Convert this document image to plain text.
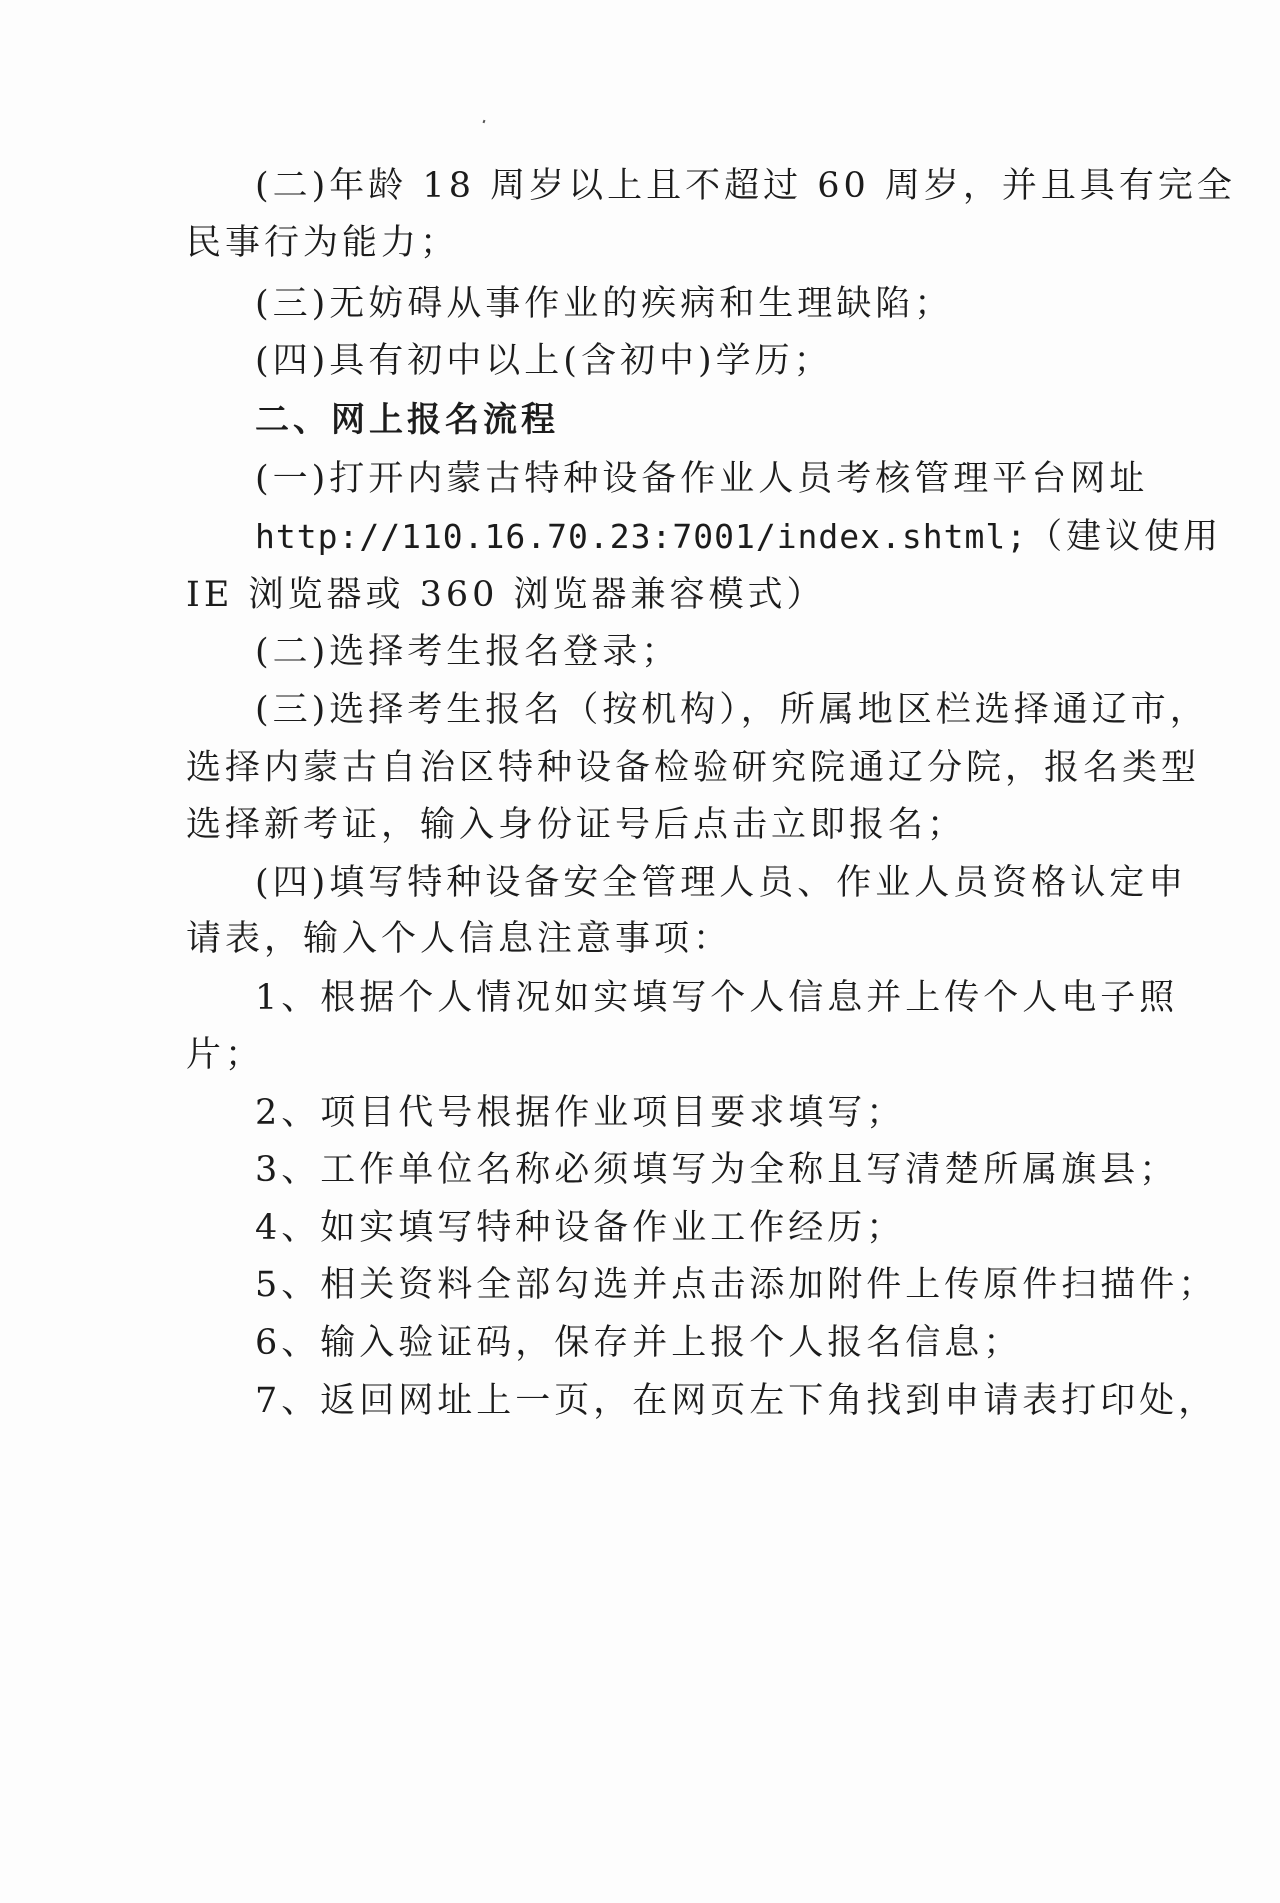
(二)年龄 18 周岁以上且不超过 60 周岁，并且具有完全
民事行为能力；
(三)无妨碍从事作业的疾病和生理缺陷；
(四)具有初中以上(含初中)学历；
二、网上报名流程
(一)打开内蒙古特种设备作业人员考核管理平台网址
http://110.16.70.23:7001/index.shtml;（建议使用
IE 浏览器或 360 浏览器兼容模式）
(二)选择考生报名登录；
(三)选择考生报名（按机构），所属地区栏选择通辽市，
选择内蒙古自治区特种设备检验研究院通辽分院，报名类型
选择新考证，输入身份证号后点击立即报名；
(四)填写特种设备安全管理人员、作业人员资格认定申
请表，输入个人信息注意事项：
1、根据个人情况如实填写个人信息并上传个人电子照
片；
2、项目代号根据作业项目要求填写；
3、工作单位名称必须填写为全称且写清楚所属旗县；
4、如实填写特种设备作业工作经历；
5、相关资料全部勾选并点击添加附件上传原件扫描件；
6、输入验证码，保存并上报个人报名信息；
7、返回网址上一页，在网页左下角找到申请表打印处，
